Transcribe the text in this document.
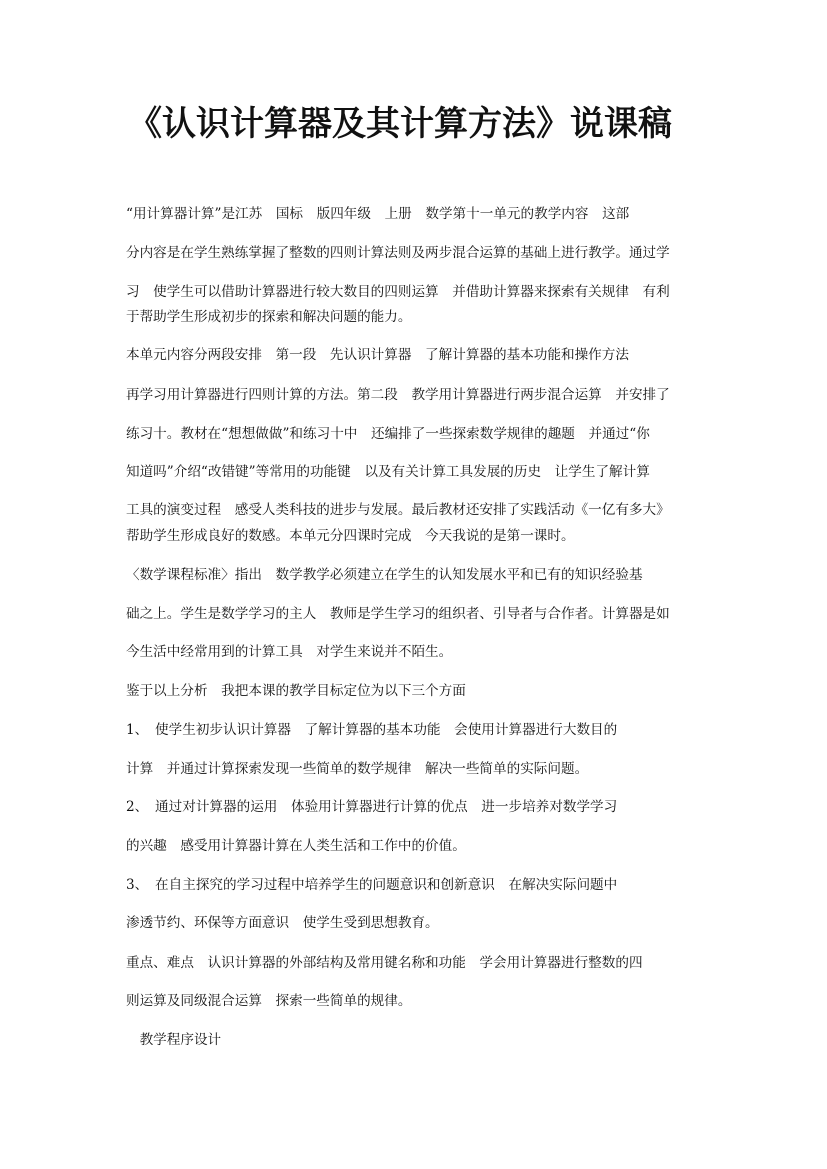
《认识计算器及其计算方法》说课稿
“用计算器计算”是江苏　国标　版四年级　上册　数学第十一单元的教学内容　这部
分内容是在学生熟练掌握了整数的四则计算法则及两步混合运算的基础上进行教学。通过学
习　使学生可以借助计算器进行较大数目的四则运算　并借助计算器来探索有关规律　有利
于帮助学生形成初步的探索和解决问题的能力。
本单元内容分两段安排　第一段　先认识计算器　了解计算器的基本功能和操作方法
再学习用计算器进行四则计算的方法。第二段　教学用计算器进行两步混合运算　并安排了
练习十。教材在“想想做做”和练习十中　还编排了一些探索数学规律的趣题　并通过“你
知道吗”介绍“改错键”等常用的功能键　以及有关计算工具发展的历史　让学生了解计算
工具的演变过程　感受人类科技的进步与发展。最后教材还安排了实践活动《一亿有多大》
帮助学生形成良好的数感。本单元分四课时完成　今天我说的是第一课时。
〈数学课程标准〉指出　数学教学必须建立在学生的认知发展水平和已有的知识经验基
础之上。学生是数学学习的主人　教师是学生学习的组织者、引导者与合作者。计算器是如
今生活中经常用到的计算工具　对学生来说并不陌生。
鉴于以上分析　我把本课的教学目标定位为以下三个方面
1、　使学生初步认识计算器　了解计算器的基本功能　会使用计算器进行大数目的
计算　并通过计算探索发现一些简单的数学规律　解决一些简单的实际问题。
2、　通过对计算器的运用　体验用计算器进行计算的优点　进一步培养对数学学习
的兴趣　感受用计算器计算在人类生活和工作中的价值。
3、　在自主探究的学习过程中培养学生的问题意识和创新意识　在解决实际问题中
渗透节约、环保等方面意识　使学生受到思想教育。
重点、难点　认识计算器的外部结构及常用键名称和功能　学会用计算器进行整数的四
则运算及同级混合运算　探索一些简单的规律。
　教学程序设计
